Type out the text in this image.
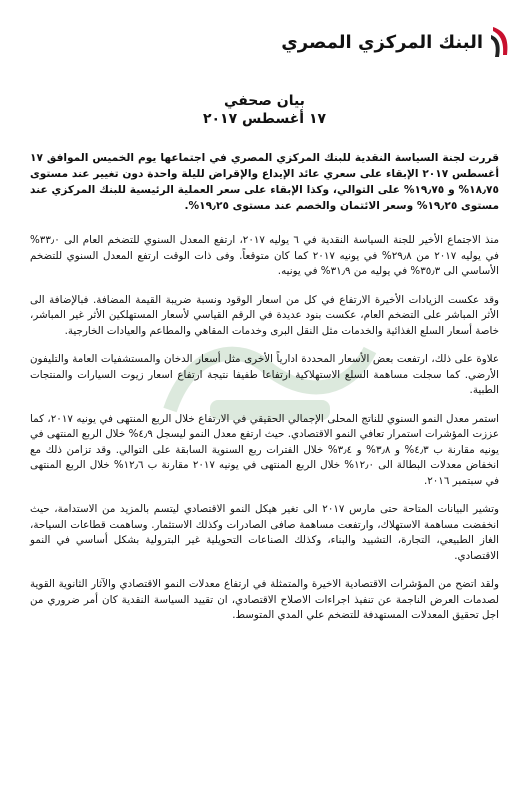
البنك المركزي المصري
بيان صحفي
١٧ أغسطس ٢٠١٧

قررت لجنة السياسة النقدية للبنك المركزي المصري في اجتماعها يوم الخميس الموافق ١٧ أغسطس ٢٠١٧ الإبقاء على سعري عائد الإيداع والإقراض لليلة واحدة دون تغيير عند مستوى ١٨٫٧٥% و ١٩٫٧٥% على التوالي، وكذا الإبقاء على سعر العملية الرئيسية للبنك المركزي عند مستوى ١٩٫٢٥% وسعر الائتمان والخصم عند مستوى ١٩٫٢٥%.

منذ الاجتماع الأخير للجنة السياسة النقدية في ٦ يوليه ٢٠١٧، ارتفع المعدل السنوي للتضخم العام الى ٣٣٫٠% في يوليه ٢٠١٧ من ٢٩٫٨% في يونيه ٢٠١٧ كما كان متوقعاً. وفى ذات الوقت ارتفع المعدل السنوي للتضخم الأساسي الى ٣٥٫٣% في يوليه من ٣١٫٩% في يونيه.

وقد عكست الزيادات الأخيرة الارتفاع في كل من اسعار الوقود ونسبة ضريبة القيمة المضافة. فبالإضافة الى الأثر المباشر على التضخم العام، عكست بنود عديدة في الرقم القياسي لأسعار المستهلكين الأثر غير المباشر، خاصة أسعار السلع الغذائية والخدمات مثل النقل البرى وخدمات المقاهي والمطاعم والعيادات الخارجية.

علاوة على ذلك، ارتفعت بعض الأسعار المحددة ادارياً الأخرى مثل أسعار الدخان والمستشفيات العامة والتليفون الأرضي. كما سجلت مساهمة السلع الاستهلاكية ارتفاعا طفيفا نتيجة ارتفاع اسعار زيوت السيارات والمنتجات الطبية.

استمر معدل النمو السنوي للناتج المحلى الإجمالي الحقيقي في الارتفاع خلال الربع المنتهى في يونيه ٢٠١٧، كما عززت المؤشرات استمرار تعافي النمو الاقتصادي. حيث ارتفع معدل النمو ليسجل ٤٫٩% خلال الربع المنتهى في يونيه مقارنة ب ٤٫٣% و ٣٫٨% و ٣٫٤% خلال الفترات ربع السنوية السابقة على التوالي. وقد تزامن ذلك مع انخفاض معدلات البطالة الى ١٢٫٠% خلال الربع المنتهى في يونيه ٢٠١٧ مقارنة ب ١٢٫٦% خلال الربع المنتهى في سبتمبر ٢٠١٦.

وتشير البيانات المتاحة حتى مارس ٢٠١٧ الى تغير هيكل النمو الاقتصادي ليتسم بالمزيد من الاستدامة، حيث انخفضت مساهمة الاستهلاك، وارتفعت مساهمة صافى الصادرات وكذلك الاستثمار. وساهمت قطاعات السياحة، الغاز الطبيعي، التجارة، التشييد والبناء، وكذلك الصناعات التحويلية غير البترولية بشكل أساسي في النمو الاقتصادي.

ولقد اتضح من المؤشرات الاقتصادية الاخيرة والمتمثلة في ارتفاع معدلات النمو الاقتصادي والآثار الثانوية القوية لصدمات العرض الناجمة عن تنفيذ اجراءات الاصلاح الاقتصادي، ان تقييد السياسة النقدية كان أمر ضروري من اجل تحقيق المعدلات المستهدفة للتضخم علي المدي المتوسط.
